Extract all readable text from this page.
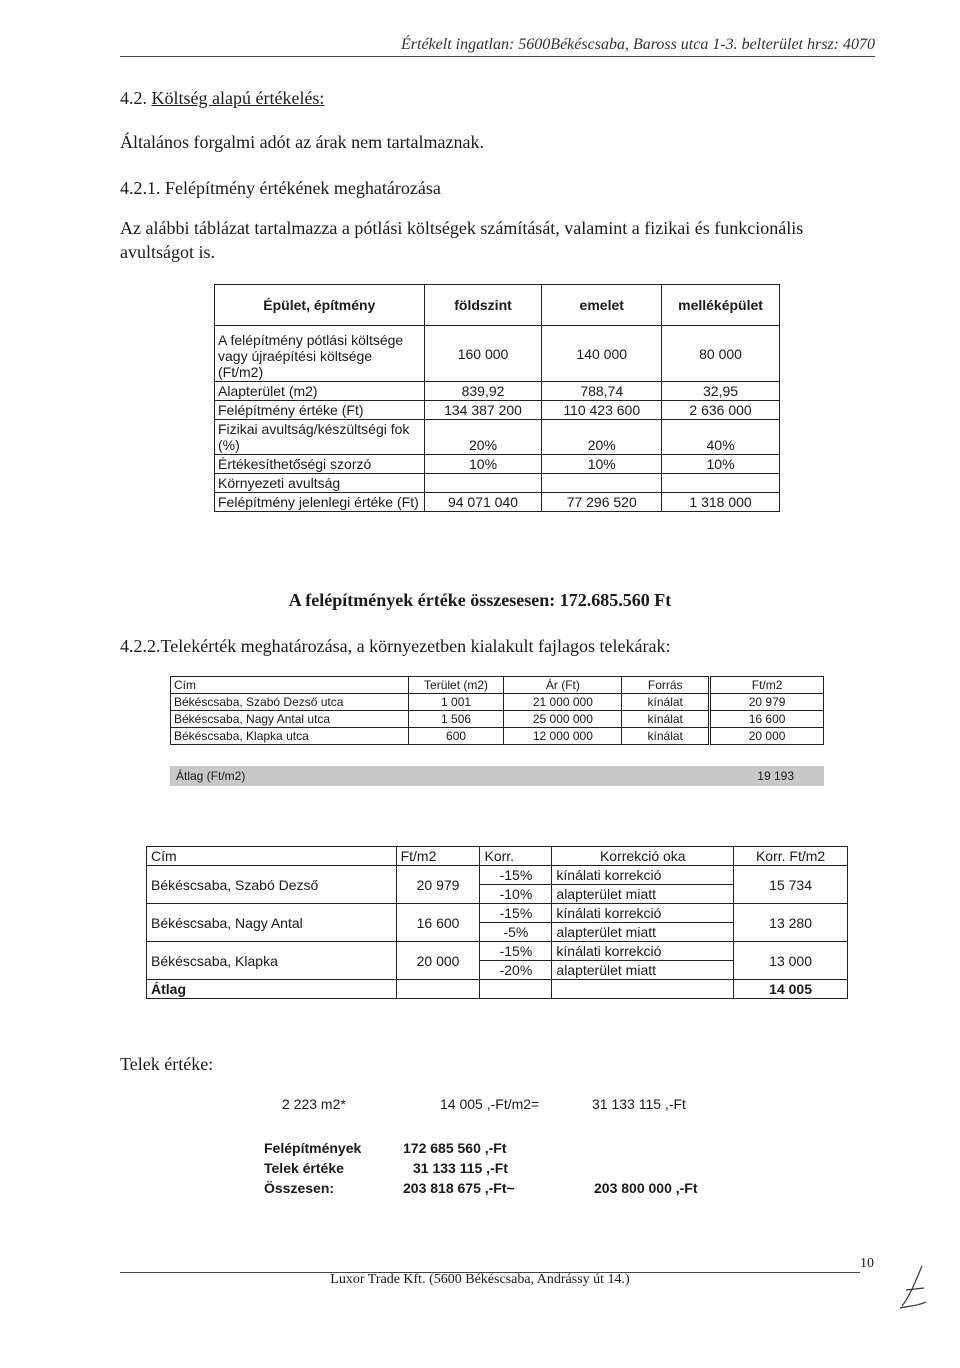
Értékelt ingatlan: 5600Békéscsaba, Baross utca 1-3. belterület hrsz: 4070
4.2. Költség alapú értékelés:
Általános forgalmi adót az árak nem tartalmaznak.
4.2.1. Felépítmény értékének meghatározása
Az alábbi táblázat tartalmazza a pótlási költségek számítását, valamint a fizikai és funkcionális avultságot is.
Épület, építmény	földszint	emelet	melléképület
A felépítmény pótlási költsége vagy újraépítési költsége (Ft/m2)	160 000	140 000	80 000
Alapterület (m2)	839,92	788,74	32,95
Felépítmény értéke (Ft)	134 387 200	110 423 600	2 636 000
Fizikai avultság/készültségi fok (%)	20%	20%	40%
Értékesíthetőségi szorzó	10%	10%	10%
Környezeti avultság			
Felépítmény jelenlegi értéke (Ft)	94 071 040	77 296 520	1 318 000
A felépítmények értéke összesesen: 172.685.560 Ft
4.2.2.Telekérték meghatározása, a környezetben kialakult fajlagos telekárak:
Cím	Terület (m2)	Ár (Ft)	Forrás	Ft/m2
Békéscsaba, Szabó Dezső utca	1 001	21 000 000	kínálat	20 979
Békéscsaba, Nagy Antal utca	1 506	25 000 000	kínálat	16 600
Békéscsaba, Klapka utca	600	12 000 000	kínálat	20 000
Átlag (Ft/m2)	19 193
Cím	Ft/m2	Korr.	Korrekció oka	Korr. Ft/m2
Békéscsaba, Szabó Dezső	20 979	-15%	kínálati korrekció	15 734
		-10%	alapterület miatt	
Békéscsaba, Nagy Antal	16 600	-15%	kínálati korrekció	13 280
		-5%	alapterület miatt	
Békéscsaba, Klapka	20 000	-15%	kínálati korrekció	13 000
		-20%	alapterület miatt	
Átlag				14 005
Telek értéke:
2 223 m2*	14 005 ,-Ft/m2=	31 133 115 ,-Ft
Felépítmények	172 685 560 ,-Ft
Telek értéke	31 133 115 ,-Ft
Összesen:	203 818 675 ,-Ft~	203 800 000 ,-Ft
10
Luxor Trade Kft. (5600 Békéscsaba, Andrássy út 14.)
